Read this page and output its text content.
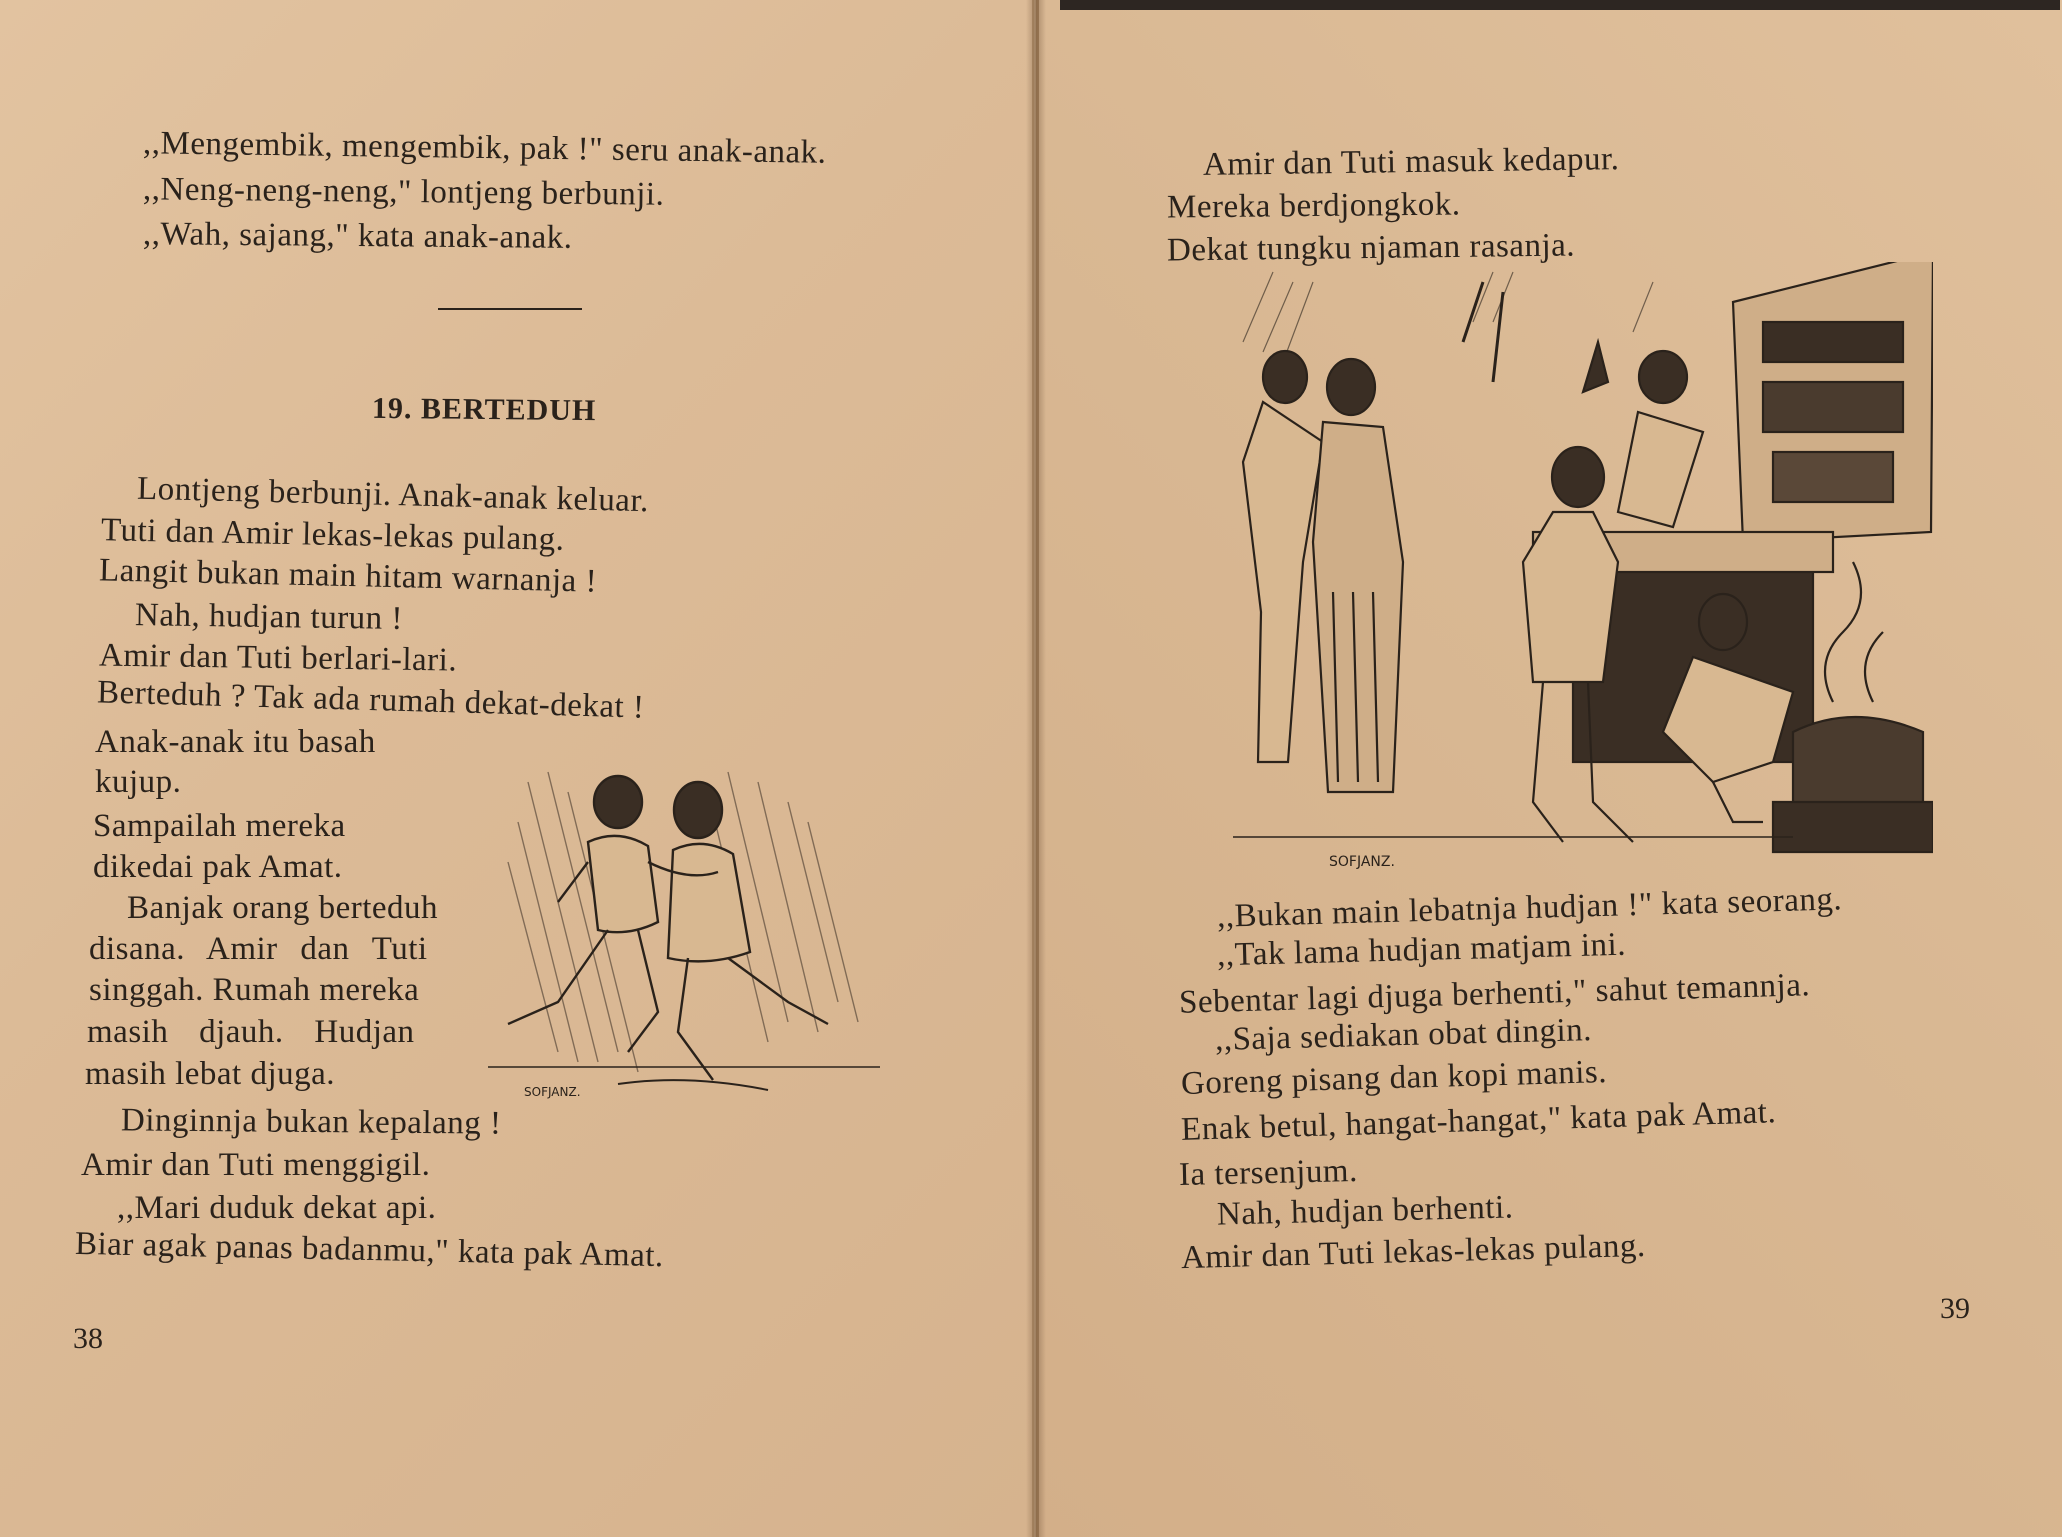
,,Mengembik, mengembik, pak !" seru anak-anak.
,,Neng-neng-neng," lontjeng berbunji.
,,Wah, sajang," kata anak-anak.
19. BERTEDUH
Lontjeng berbunji. Anak-anak keluar.
Tuti dan Amir lekas-lekas pulang.
Langit bukan main hitam warnanja !
Nah, hudjan turun !
Amir dan Tuti berlari-lari.
Berteduh ? Tak ada rumah dekat-dekat !
Anak-anak itu basah
kujup.
Sampailah mereka
dikedai pak Amat.
Banjak orang berteduh
disana. Amir dan Tuti
singgah. Rumah mereka
masih djauh. Hudjan
masih lebat djuga.
Dinginnja bukan kepalang !
Amir dan Tuti menggigil.
,,Mari duduk dekat api.
Biar agak panas badanmu," kata pak Amat.
SOFJANZ.
38
Amir dan Tuti masuk kedapur.
Mereka berdjongkok.
Dekat tungku njaman rasanja.
SOFJANZ.
,,Bukan main lebatnja hudjan !" kata seorang.
,,Tak lama hudjan matjam ini.
Sebentar lagi djuga berhenti," sahut temannja.
,,Saja sediakan obat dingin.
Goreng pisang dan kopi manis.
Enak betul, hangat-hangat," kata pak Amat.
Ia tersenjum.
Nah, hudjan berhenti.
Amir dan Tuti lekas-lekas pulang.
39
